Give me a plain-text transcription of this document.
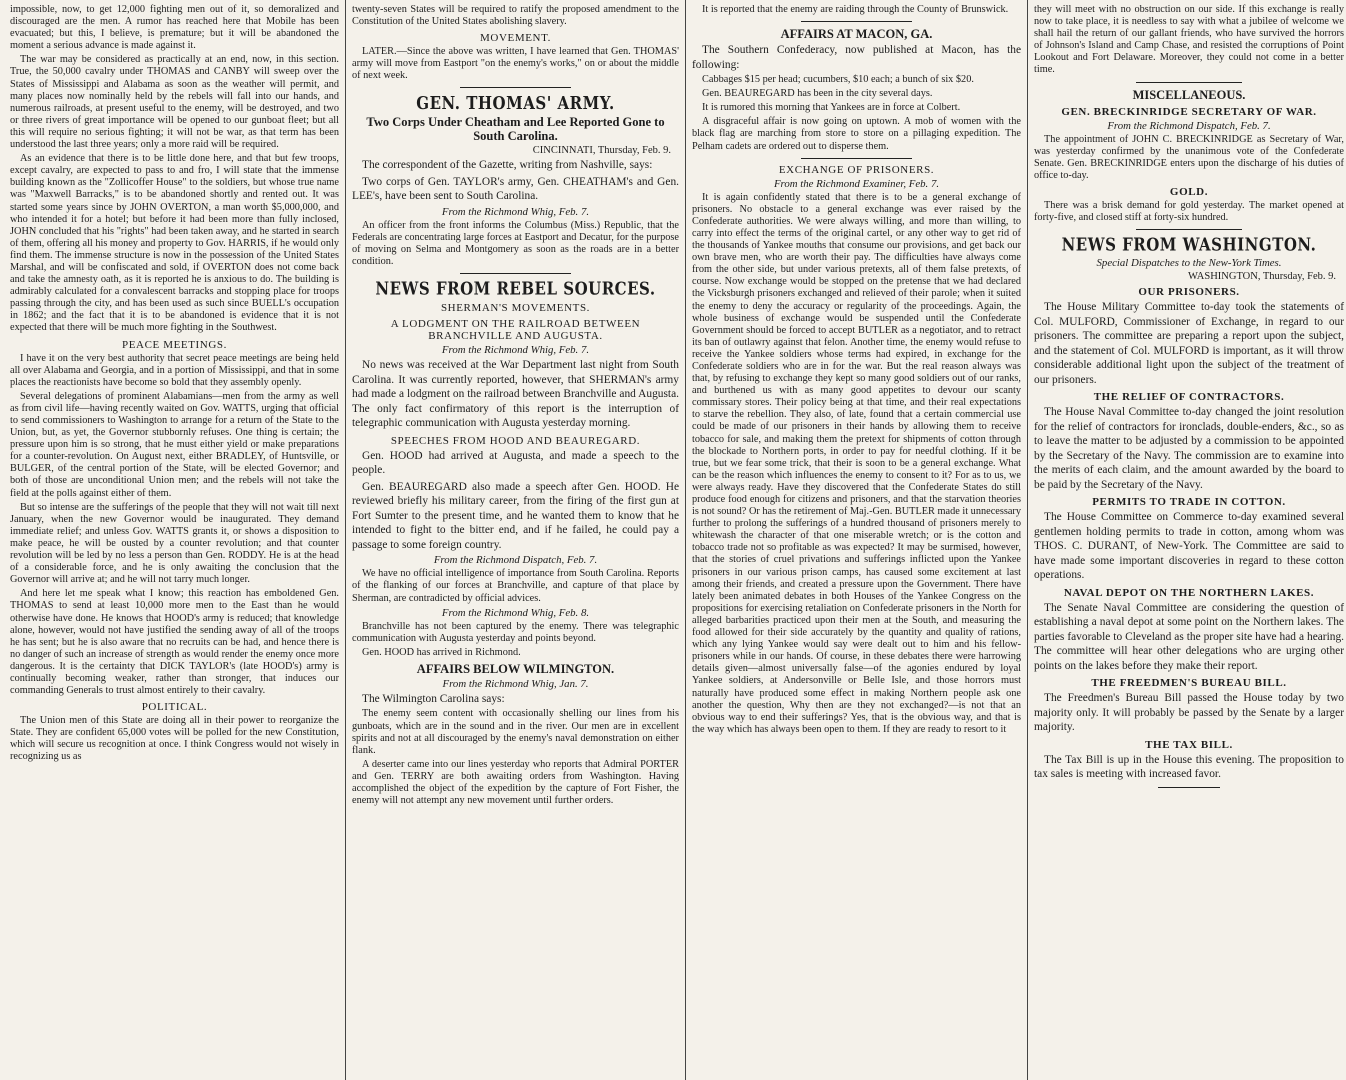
impossible, now, to get 12,000 fighting men out of it, so demoralized and discouraged are the men. A rumor has reached here that Mobile has been evacuated; but this, I believe, is premature; but it will be abandoned the moment a serious advance is made against it.

The war may be considered as practically at an end, now, in this section. True, the 50,000 cavalry under THOMAS and CANBY will sweep over the States of Mississippi and Alabama as soon as the weather will permit, and many places now nominally held by the rebels will fall into our hands, and numerous railroads, at present useful to the enemy, will be destroyed, and two or three rivers of great importance will be opened to our gunboat fleet; but all this will require no serious fighting; it will not be war, as that term has been understood the last three years; only a more raid will be required.

As an evidence that there is to be little done here, and that but few troops, except cavalry, are expected to pass to and fro, I will state that the immense building known as the "Zollicoffer House" to the soldiers, but whose true name was "Maxwell Barracks," is to be abandoned shortly and rented out. It was started some years since by JOHN OVERTON, a man worth $5,000,000, and who intended it for a hotel; but before it had been more than fully inclosed, JOHN concluded that his "rights" had been taken away, and he started in search of them, offering all his money and property to Gov. HARRIS, if he would only find them. The immense structure is now in the possession of the United States Marshal, and will be confiscated and sold, if OVERTON does not come back and take the amnesty oath, as it is reported he is anxious to do. The building is admirably calculated for a convalescent barracks and stopping place for troops passing through the city, and has been used as such since BUELL's occupation in 1862; and the fact that it is to be abandoned is evidence that it is not expected that there will be much more fighting in the Southwest.

PEACE MEETINGS.

I have it on the very best authority that secret peace meetings are being held all over Alabama and Georgia, and in a portion of Mississippi, and that in some places the reactionists have become so bold that they assembly openly.

Several delegations of prominent Alabamians—men from the army as well as from civil life—having recently waited on Gov. WATTS, urging that official to send commissioners to Washington to arrange for a return of the State to the Union, but, as yet, the Governor stubbornly refuses. One thing is certain; the pressure upon him is so strong, that he must either yield or make preparations for a counter-revolution. On August next, either BRADLEY, of Huntsville, or BULGER, of the central portion of the State, will be elected Governor; and both of those are unconditional Union men; and the rebels will not take the field at the polls against either of them.

But so intense are the sufferings of the people that they will not wait till next January, when the new Governor would be inaugurated. They demand immediate relief; and unless Gov. WATTS grants it, or shows a disposition to make peace, he will be ousted by a counter revolution; and that counter revolution will be led by no less a person than Gen. RODDY. He is at the head of a considerable force, and he is only awaiting the conclusion that the Governor will arrive at; and he will not tarry much longer.

And here let me speak what I know; this reaction has emboldened Gen. THOMAS to send at least 10,000 more men to the East than he would otherwise have done. He knows that HOOD's army is reduced; that knowledge alone, however, would not have justified the sending away of all of the troops he has sent; but he is also aware that no recruits can be had, and hence there is no danger of such an increase of strength as would render the enemy once more dangerous. It is the certainty that DICK TAYLOR's (late HOOD's) army is continually becoming weaker, rather than stronger, that induces our commanding Generals to trust almost entirely to their cavalry.

POLITICAL.

The Union men of this State are doing all in their power to reorganize the State. They are confident 65,000 votes will be polled for the new Constitution, which will secure us recognition at once. I think Congress would not wisely in recognizing us as

twenty-seven States will be required to ratify the proposed amendment to the Constitution of the United States abolishing slavery.

MOVEMENT.

LATER.—Since the above was written, I have learned that Gen. THOMAS' army will move from Eastport "on the enemy's works," on or about the middle of next week.

GEN. THOMAS' ARMY.
Two Corps Under Cheatham and Lee Reported Gone to South Carolina.
CINCINNATI, Thursday, Feb. 9.

The correspondent of the Gazette, writing from Nashville, says:

Two corps of Gen. TAYLOR's army, Gen. CHEATHAM's and Gen. LEE's, have been sent to South Carolina.

From the Richmond Whig, Feb. 7.

An officer from the front informs the Columbus (Miss.) Republic, that the Federals are concentrating large forces at Eastport and Decatur, for the purpose of moving on Selma and Montgomery as soon as the roads are in a better condition.

NEWS FROM REBEL SOURCES.
SHERMAN'S MOVEMENTS.
A LODGMENT ON THE RAILROAD BETWEEN BRANCHVILLE AND AUGUSTA.
From the Richmond Whig, Feb. 7.

No news was received at the War Department last night from South Carolina. It was currently reported, however, that SHERMAN's army had made a lodgment on the railroad between Branchville and Augusta. The only fact confirmatory of this report is the interruption of telegraphic communication with Augusta yesterday morning.

SPEECHES FROM HOOD AND BEAUREGARD.

Gen. HOOD had arrived at Augusta, and made a speech to the people.

Gen. BEAUREGARD also made a speech after Gen. HOOD. He reviewed briefly his military career, from the firing of the first gun at Fort Sumter to the present time, and he wanted them to know that he intended to fight to the bitter end, and if he failed, he could pay a passage to some foreign country.

From the Richmond Dispatch, Feb. 7.

We have no official intelligence of importance from South Carolina. Reports of the flanking of our forces at Branchville, and capture of that place by Sherman, are contradicted by official advices.

From the Richmond Whig, Feb. 8.

Branchville has not been captured by the enemy. There was telegraphic communication with Augusta yesterday and points beyond.

Gen. HOOD has arrived in Richmond.

AFFAIRS BELOW WILMINGTON.
From the Richmond Whig, Jan. 7.

The Wilmington Carolina says:

The enemy seem content with occasionally shelling our lines from his gunboats, which are in the sound and in the river. Our men are in excellent spirits and not at all discouraged by the enemy's naval demonstration on either flank.

A deserter came into our lines yesterday who reports that Admiral PORTER and Gen. TERRY are both awaiting orders from Washington. Having accomplished the object of the expedition by the capture of Fort Fisher, the enemy will not attempt any new movement until further orders.

It is reported that the enemy are raiding through the County of Brunswick.

AFFAIRS AT MACON, GA.

The Southern Confederacy, now published at Macon, has the following:

Cabbages $15 per head; cucumbers, $10 each; a bunch of six $20.

Gen. BEAUREGARD has been in the city several days.

It is rumored this morning that Yankees are in force at Colbert.

A disgraceful affair is now going on uptown. A mob of women with the black flag are marching from store to store on a pillaging expedition. The Pelham cadets are ordered out to disperse them.

EXCHANGE OF PRISONERS.
From the Richmond Examiner, Feb. 7.

It is again confidently stated that there is to be a general exchange of prisoners. No obstacle to a general exchange was ever raised by the Confederate authorities. We were always willing, and more than willing, to carry into effect the terms of the original cartel, or any other way to get rid of the thousands of Yankee mouths that consume our provisions, and get back our own brave men, who are worth their pay. The difficulties have always come from the other side, but under various pretexts, all of them false pretexts, of course. Now exchange would be stopped on the pretense that we had declared the Vicksburgh prisoners exchanged and relieved of their parole; when it suited the enemy to deny the accuracy or regularity of the proceedings. Again, the whole business of exchange would be suspended until the Confederate Government should be forced to accept BUTLER as a negotiator, and to retract its ban of outlawry against that felon. Another time, the enemy would refuse to receive the Yankee soldiers whose terms had expired, in exchange for the Confederate soldiers who are in for the war. But the real reason always was that, by refusing to exchange they kept so many good soldiers out of our ranks, and burthened us with as many good appetites to devour our scanty commissary stores. Their policy being at that time, and their real expectations to starve the rebellion. They also, of late, found that a certain commercial use could be made of our prisoners in their hands by allowing them to receive tobacco for sale, and making them the pretext for shipments of cotton through the blockade to Northern ports, in order to pay for needful clothing. If it be true, but we fear some trick, that their is soon to be a general exchange. What can be the reason which influences the enemy to consent to it? For as to us, we were always ready. Have they discovered that the Confederate States do still produce food enough for citizens and prisoners, and that the starvation theories is not sound? Or has the retirement of Maj.-Gen. BUTLER made it unnecessary further to prolong the sufferings of a hundred thousand of prisoners merely to whitewash the character of that one miserable wretch; or is the cotton and tobacco trade not so profitable as was expected? It may be surmised, however, that the stories of cruel privations and sufferings inflicted upon the Yankee prisoners in our various prison camps, has caused some excitement at last among their friends, and created a pressure upon the Government. There have lately been animated debates in both Houses of the Yankee Congress on the propositions for exercising retaliation on Confederate prisoners in the North for alleged barbarities practiced upon their men at the South, and measuring the food allowed for their side accurately by the quantity and quality of rations, which any lying Yankee would say were dealt out to him and his fellow-prisoners while in our hands. Of course, in these debates there were harrowing details given—almost universally false—of the agonies endured by loyal Yankee soldiers, at Andersonville or Belle Isle, and those horrors must naturally have produced some effect in making Northern people ask one another the question, Why then are they not exchanged?—is not that an obvious way to end their sufferings? Yes, that is the obvious way, and that is the way which has always been open to them. If they are ready to resort to it

they will meet with no obstruction on our side. If this exchange is really now to take place, it is needless to say with what a jubilee of welcome we shall hail the return of our gallant friends, who have survived the horrors of Johnson's Island and Camp Chase, and resisted the corruptions of Point Lookout and Fort Delaware. Moreover, they could not come in a better time.

MISCELLANEOUS.
GEN. BRECKINRIDGE SECRETARY OF WAR.
From the Richmond Dispatch, Feb. 7.

The appointment of JOHN C. BRECKINRIDGE as Secretary of War, was yesterday confirmed by the unanimous vote of the Confederate Senate. Gen. BRECKINRIDGE enters upon the discharge of his duties of office to-day.

GOLD.

There was a brisk demand for gold yesterday. The market opened at forty-five, and closed stiff at forty-six hundred.

NEWS FROM WASHINGTON.
Special Dispatches to the New-York Times.
WASHINGTON, Thursday, Feb. 9.
OUR PRISONERS.

The House Military Committee to-day took the statements of Col. MULFORD, Commissioner of Exchange, in regard to our prisoners. The committee are preparing a report upon the subject, and the statement of Col. MULFORD is important, as it will throw considerable additional light upon the subject of the treatment of our prisoners.

THE RELIEF OF CONTRACTORS.

The House Naval Committee to-day changed the joint resolution for the relief of contractors for ironclads, double-enders, &c., so as to leave the matter to be adjusted by a commission to be appointed by the Secretary of the Navy. The commission are to examine into the merits of each claim, and the amount awarded by the board to be paid by the Secretary of the Navy.

PERMITS TO TRADE IN COTTON.

The House Committee on Commerce to-day examined several gentlemen holding permits to trade in cotton, among whom was THOS. C. DURANT, of New-York. The Committee are said to have made some important discoveries in regard to these cotton operations.

NAVAL DEPOT ON THE NORTHERN LAKES.

The Senate Naval Committee are considering the question of establishing a naval depot at some point on the Northern lakes. The parties favorable to Cleveland as the proper site have had a hearing. The committee will hear other delegations who are urging other points on the lakes before they make their report.

THE FREEDMEN'S BUREAU BILL.

The Freedmen's Bureau Bill passed the House today by two majority only. It will probably be passed by the Senate by a larger majority.

THE TAX BILL.

The Tax Bill is up in the House this evening. The proposition to tax sales is meeting with increased favor.
